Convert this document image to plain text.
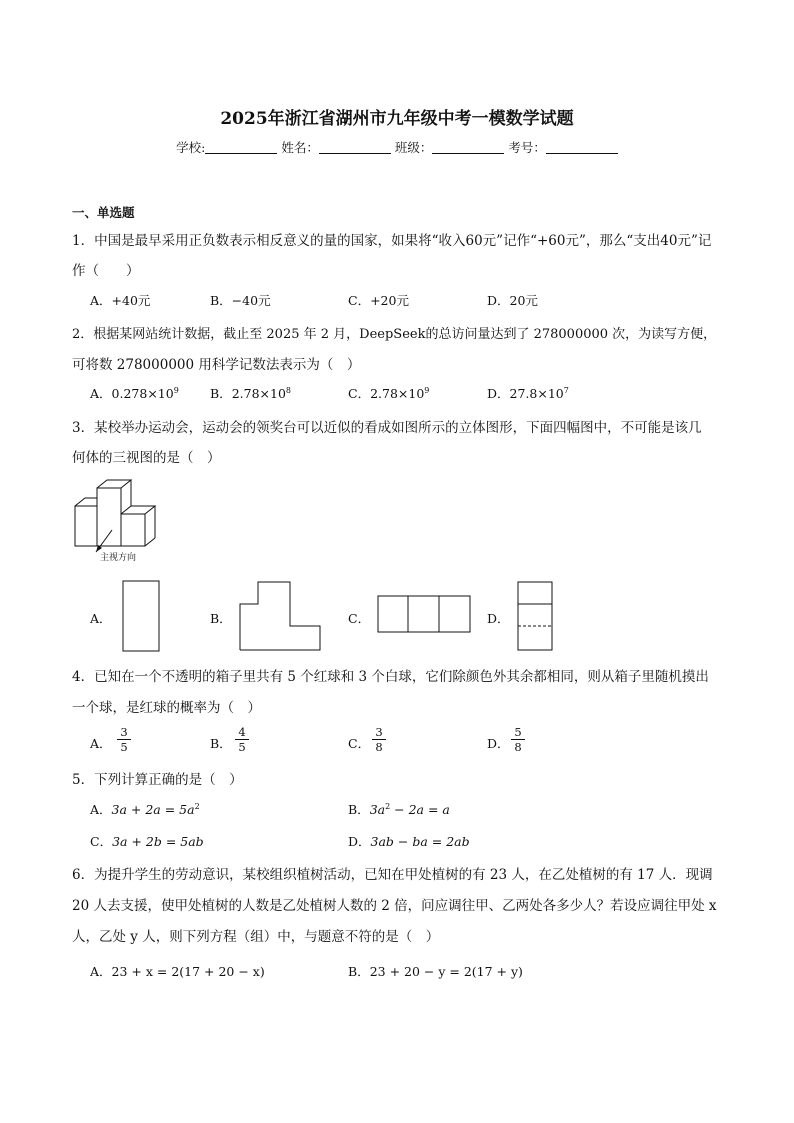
2025年浙江省湖州市九年级中考一模数学试题
学校:	姓名：	班级：	考号：
一、单选题
1．中国是最早采用正负数表示相反意义的量的国家，如果将“收入60元”记作“+60元”，那么“支出40元”记
作（　　）
A．+40元	B．−40元	C．+20元	D．20元
2．根据某网站统计数据，截止至 2025 年 2 月，DeepSeek的总访问量达到了 278000000 次，为读写方便，
可将数 278000000 用科学记数法表示为（　）
A．$0.278\times 10^9$ B．$2.78\times 10^8$	C．$2.78\times 10^9$	D．$27.8\times 10^7$
3．某校举办运动会，运动会的领奖台可以近似的看成如图所示的立体图形，下面四幅图中，不可能是该几
何体的三视图的是（　）
主视方向
A．	B．	C．	D．
4．已知在一个不透明的箱子里共有 5 个红球和 3 个白球，它们除颜色外其余都相同，则从箱子里随机摸出
一个球，是红球的概率为（　）
A． $\frac{3}{5}$	B． $\frac{4}{5}$	C． $\frac{3}{8}$	D． $\frac{5}{8}$
5．下列计算正确的是（　）
A．$3a + 2a = 5a^2$	B．$3a^2 - 2a = a$
C．3a + 2b = 5ab	D．3ab − ba = 2ab
6．为提升学生的劳动意识，某校组织植树活动，已知在甲处植树的有 23 人，在乙处植树的有 17 人．现调
20 人去支援，使甲处植树的人数是乙处植树人数的 2 倍，问应调往甲、乙两处各多少人？若设应调往甲处 x
人，乙处 y 人，则下列方程（组）中，与题意不符的是（　）
A．23 + x = 2(17 + 20 − x)	B．23 + 20 − y = 2(17 + y)
